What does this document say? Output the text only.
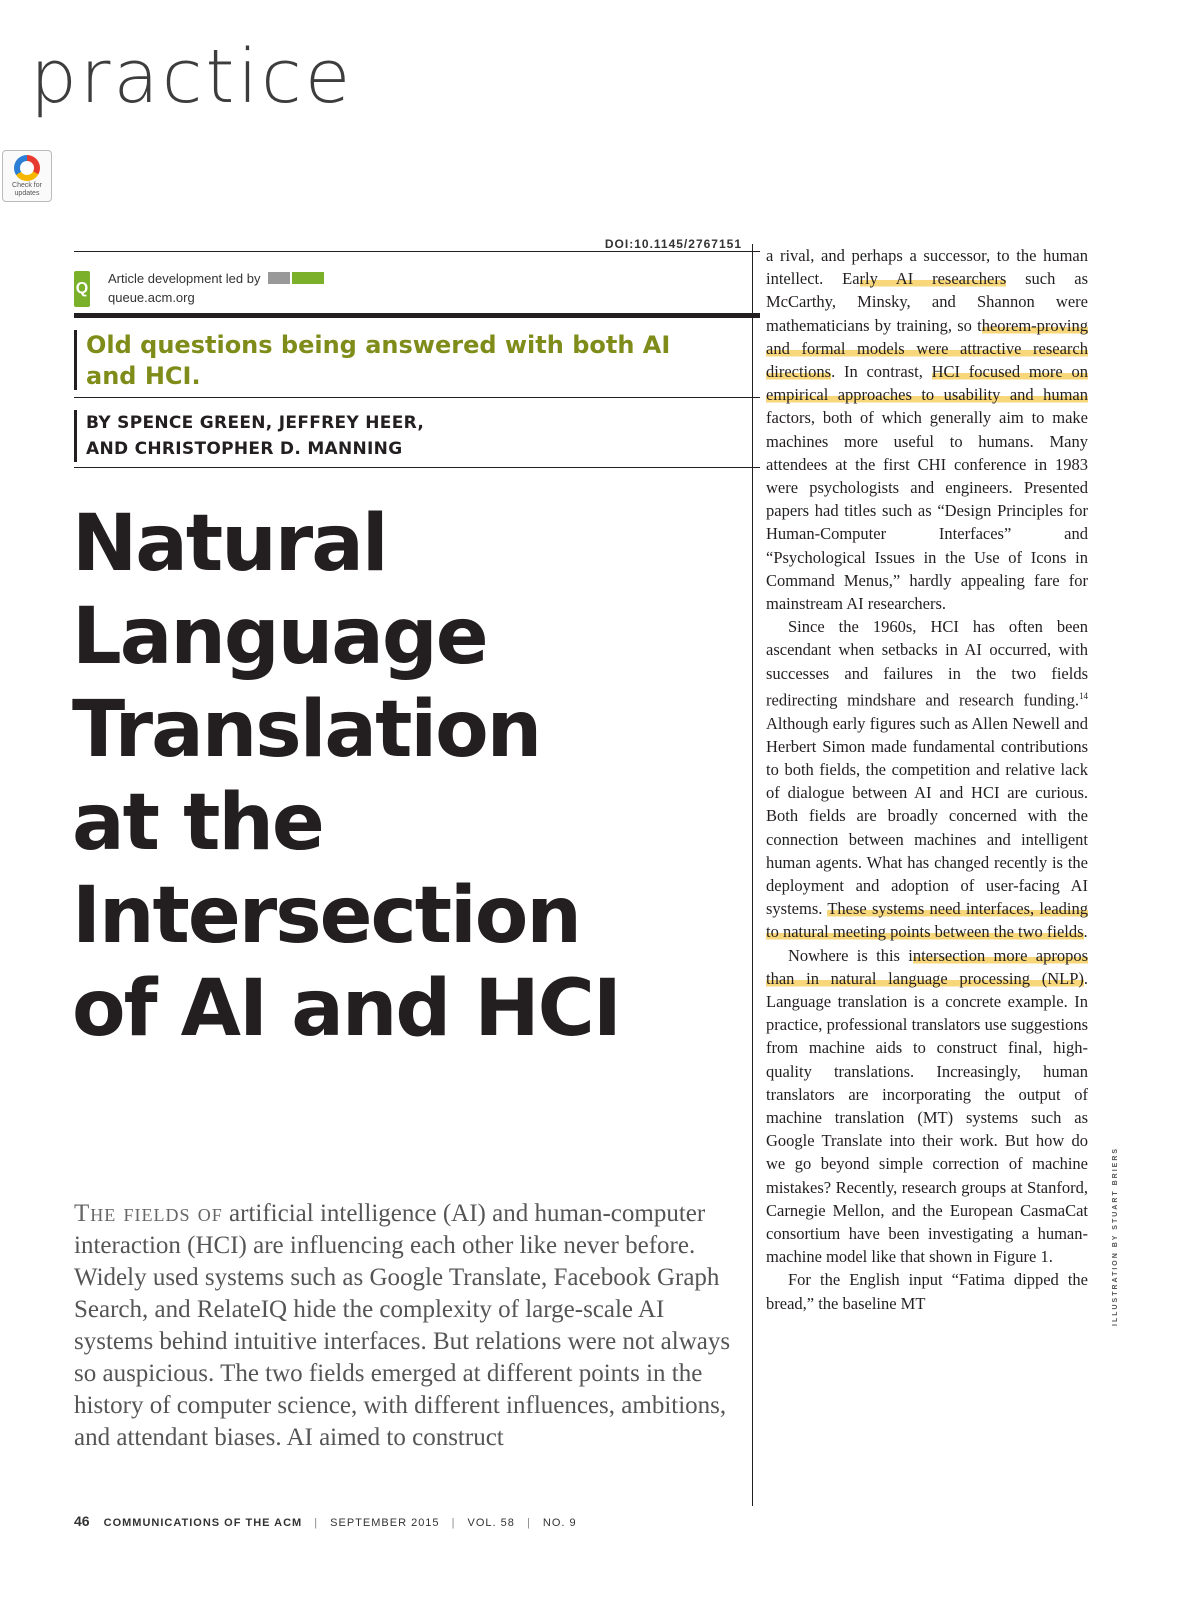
practice
Check for updates
DOI:10.1145/2767151
Q
Article development led by
queue.acm.org
Old questions being answered with both AI and HCI.
BY SPENCE GREEN, JEFFREY HEER,
AND CHRISTOPHER D. MANNING
Natural
Language
Translation
at the
Intersection
of AI and HCI
The fields of artificial intelligence (AI) and human-computer interaction (HCI) are influencing each other like never before. Widely used systems such as Google Translate, Facebook Graph Search, and RelateIQ hide the complexity of large-scale AI systems behind intuitive interfaces. But relations were not always so auspicious. The two fields emerged at different points in the history of computer science, with different influences, ambitions, and attendant biases. AI aimed to construct

a rival, and perhaps a successor, to the human intellect. Early AI researchers such as McCarthy, Minsky, and Shannon were mathematicians by training, so theorem-proving and formal models were attractive research directions. In contrast, HCI focused more on empirical approaches to usability and human factors, both of which generally aim to make machines more useful to humans. Many attendees at the first CHI conference in 1983 were psychologists and engineers. Presented papers had titles such as “Design Principles for Human-Computer Interfaces” and “Psychological Issues in the Use of Icons in Command Menus,” hardly appealing fare for mainstream AI researchers.

Since the 1960s, HCI has often been ascendant when setbacks in AI occurred, with successes and failures in the two fields redirecting mindshare and research funding.$^{14}$ Although early figures such as Allen Newell and Herbert Simon made fundamental contributions to both fields, the competition and relative lack of dialogue between AI and HCI are curious. Both fields are broadly concerned with the connection between machines and intelligent human agents. What has changed recently is the deployment and adoption of user-facing AI systems. These systems need interfaces, leading to natural meeting points between the two fields.

Nowhere is this intersection more apropos than in natural language processing (NLP). Language translation is a concrete example. In practice, professional translators use suggestions from machine aids to construct final, high-quality translations. Increasingly, human translators are incorporating the output of machine translation (MT) systems such as Google Translate into their work. But how do we go beyond simple correction of machine mistakes? Recently, research groups at Stanford, Carnegie Mellon, and the European CasmaCat consortium have been investigating a human-machine model like that shown in Figure 1.

For the English input “Fatima dipped the bread,” the baseline MT	ILLUSTRATION BY STUART BRIERS
46 COMMUNICATIONS OF THE ACM | SEPTEMBER 2015 | VOL. 58 | NO. 9
